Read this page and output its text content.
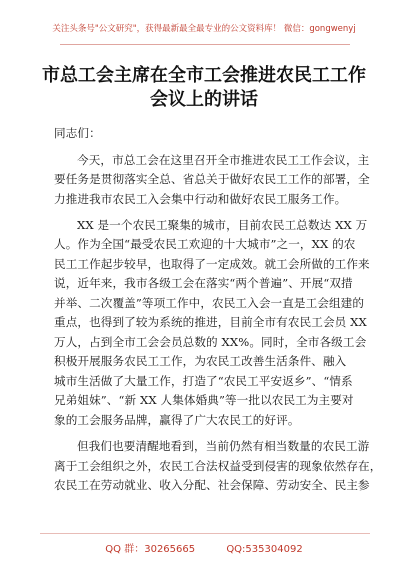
关注头条号"公文研究"，获得最新最全最专业的公文资料库！ 微信：gongwenyj
市总工会主席在全市工会推进农民工工作
会议上的讲话
同志们：
今天，市总工会在这里召开全市推进农民工工作会议，主
要任务是贯彻落实全总、省总关于做好农民工工作的部署，全
力推进我市农民工入会集中行动和做好农民工服务工作。
XX 是一个农民工聚集的城市，目前农民工总数达 XX 万
人。作为全国“最受农民工欢迎的十大城市”之一，XX 的农
民工工作起步较早，也取得了一定成效。就工会所做的工作来
说，近年来，我市各级工会在落实“两个普遍”、开展“双措
并举、二次覆盖”等项工作中，农民工入会一直是工会组建的
重点，也得到了较为系统的推进，目前全市有农民工会员 XX
万人，占到全市工会会员总数的 XX%。同时，全市各级工会
积极开展服务农民工工作，为农民工改善生活条件、融入
城市生活做了大量工作，打造了“农民工平安返乡”、“情系
兄弟姐妹”、“新 XX 人集体婚典”等一批以农民工为主要对
象的工会服务品牌，赢得了广大农民工的好评。
但我们也要清醒地看到，当前仍然有相当数量的农民工游
离于工会组织之外，农民工合法权益受到侵害的现象依然存在，
农民工在劳动就业、收入分配、社会保障、劳动安全、民主参
QQ 群：30265665	QQ:535304092
